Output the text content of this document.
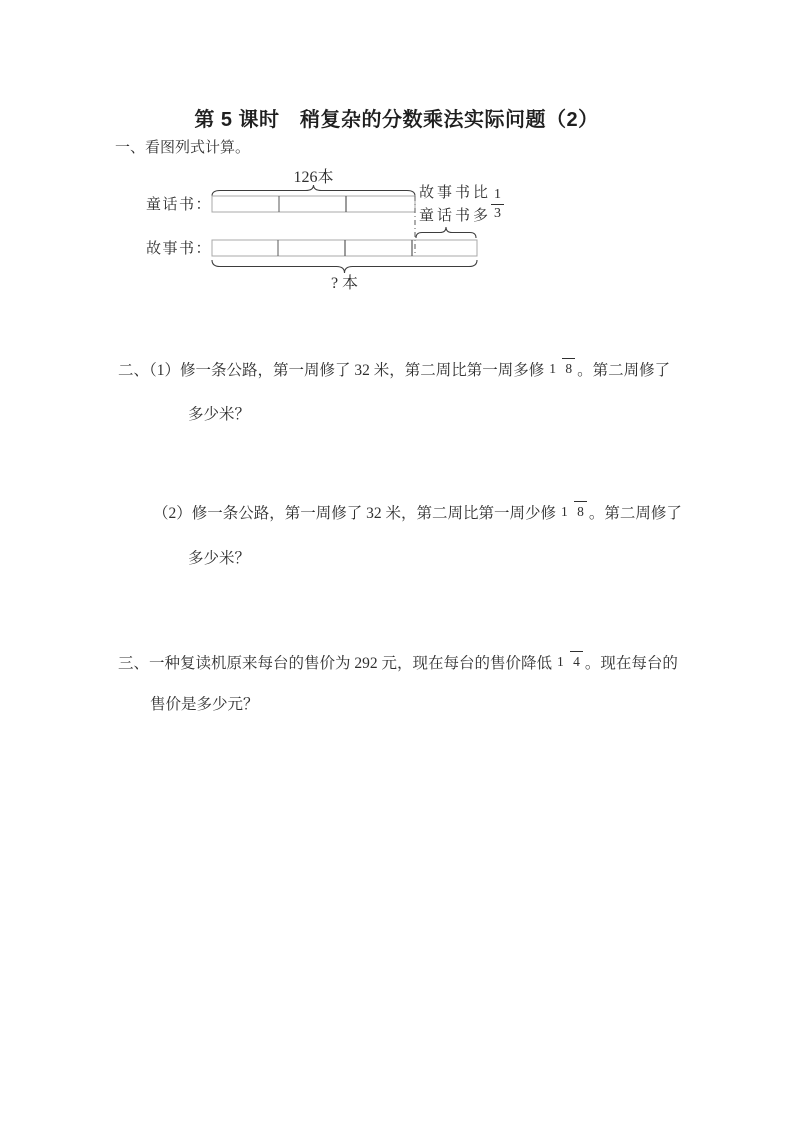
第 5 课时　稍复杂的分数乘法实际问题（2）
一、看图列式计算。
126本
童话书：
故事书：
故事书比
童话书多 $\frac{1}{3}$
? 本
二、（1）修一条公路，第一周修了 32 米，第二周比第一周多修 1 8 。第二周修了
多少米？
（2）修一条公路，第一周修了 32 米，第二周比第一周少修 1 8 。第二周修了
多少米？
三、一种复读机原来每台的售价为 292 元，现在每台的售价降低 1 4 。现在每台的
售价是多少元？
